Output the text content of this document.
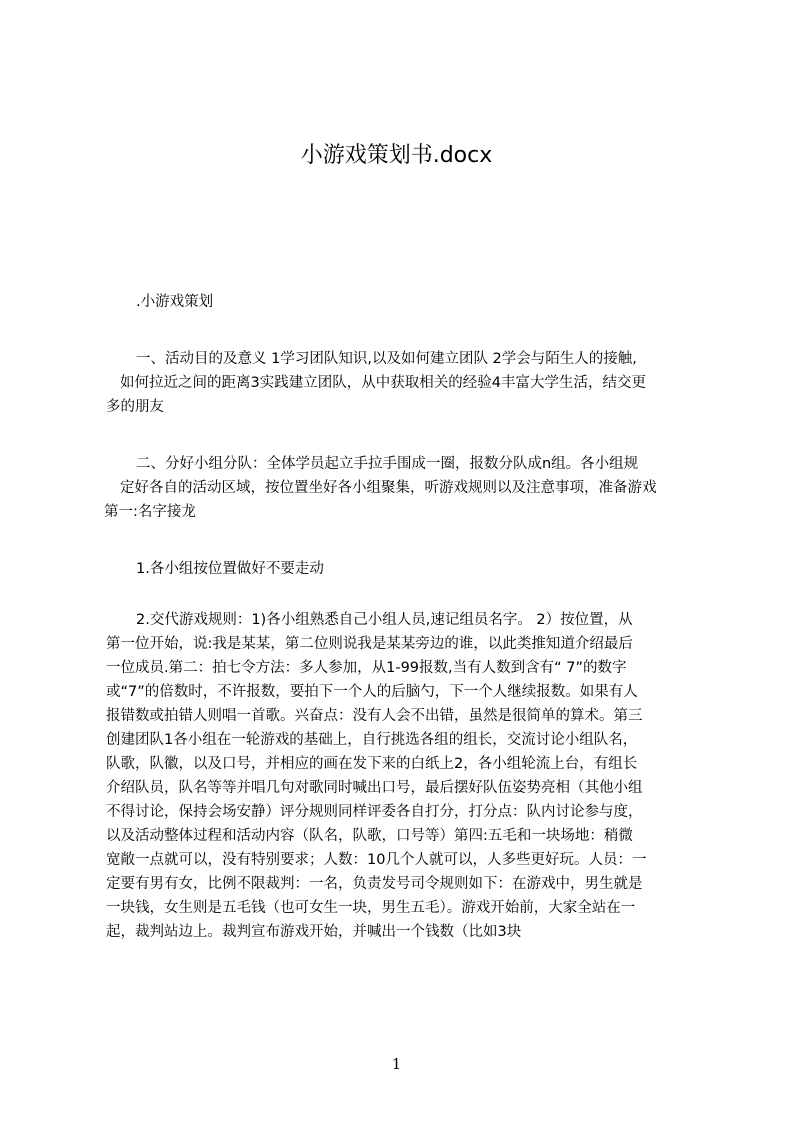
小游戏策划书.docx
.小游戏策划
一、活动目的及意义 1学习团队知识,以及如何建立团队 2学会与陌生人的接触,
如何拉近之间的距离3实践建立团队，从中获取相关的经验4丰富大学生活，结交更
多的朋友
二、分好小组分队：全体学员起立手拉手围成一圈，报数分队成n组。各小组规
定好各自的活动区域，按位置坐好各小组聚集，听游戏规则以及注意事项，准备游戏
第一:名字接龙
1.各小组按位置做好不要走动
2.交代游戏规则：1)各小组熟悉自己小组人员,速记组员名字。 2）按位置，从
第一位开始，说:我是某某，第二位则说我是某某旁边的谁，以此类推知道介绍最后
一位成员.第二：拍七令方法：多人参加，从1-99报数,当有人数到含有“ 7”的数字
或“7”的倍数时，不许报数，要拍下一个人的后脑勺，下一个人继续报数。如果有人
报错数或拍错人则唱一首歌。兴奋点：没有人会不出错，虽然是很简单的算术。第三
创建团队1各小组在一轮游戏的基础上，自行挑选各组的组长，交流讨论小组队名，
队歌，队徽，以及口号，并相应的画在发下来的白纸上2，各小组轮流上台，有组长
介绍队员，队名等等并唱几句对歌同时喊出口号，最后摆好队伍姿势亮相（其他小组
不得讨论，保持会场安静）评分规则同样评委各自打分，打分点：队内讨论参与度，
以及活动整体过程和活动内容（队名，队歌，口号等）第四:五毛和一块场地：稍微
宽敞一点就可以，没有特别要求；人数：10几个人就可以，人多些更好玩。人员：一
定要有男有女，比例不限裁判：一名，负责发号司令规则如下：在游戏中，男生就是
一块钱，女生则是五毛钱（也可女生一块，男生五毛）。游戏开始前，大家全站在一
起，裁判站边上。裁判宣布游戏开始，并喊出一个钱数（比如3块
1
